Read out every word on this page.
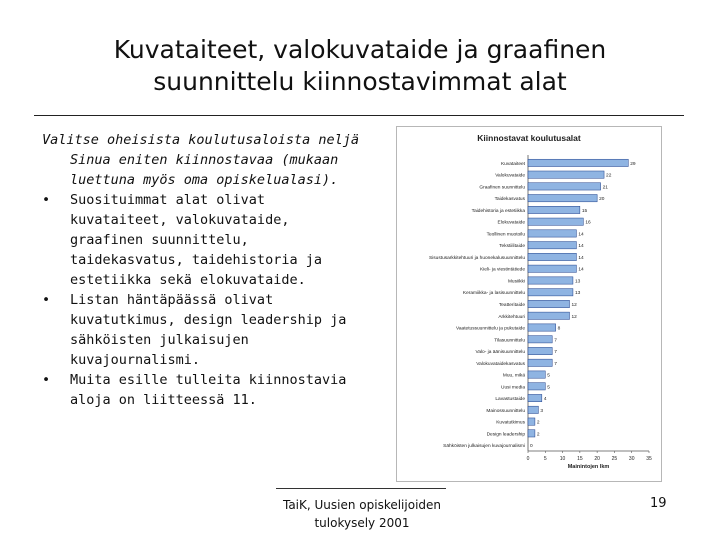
Kuvataiteet, valokuvataide ja graafinen
suunnittelu kiinnostavimmat alat
Valitse oheisista koulutusaloista neljä Sinua eniten kiinnostavaa (mukaan luettuna myös oma opiskelualasi).
• Suosituimmat alat olivat kuvataiteet, valokuvataide, graafinen suunnittelu, taidekasvatus, taidehistoria ja estetiikka sekä elokuvataide.
• Listan häntäpäässä olivat kuvatutkimus, design leadership ja sähköisten julkaisujen kuvajournalismi.
• Muita esille tulleita kiinnostavia aloja on liitteessä 11.
Kiinnostavat koulutusalat
Kuvataiteet	29
Valokuvataide	22
Graafinen suunnittelu	21
Taidekasvatus	20
Taidehistoria ja estetiikka	15
Elokuvataide	16
Teollinen muotoilu	14
Tekstiilitaide	14
Sisustusarkkitehtuuri ja huonekalusuunnittelu	14
Kieli- ja viestintätiede	14
Musiikki	13
Keramiikka- ja lasisuunnittelu	13
Teatteritaide	12
Arkkitehtuuri	12
Vaatetussuunnittelu ja pukutaide	8
Tilasuunnittelu	7
Valo- ja äänisuunnittelu	7
Valokuvataidekasvatus	7
Muu, mikä	5
Uusi media	5
Lavastustaide	4
Mainossuunnittelu	3
Kuvatutkimus 2
Design leadership 2
Sähköisten julkaisujen kuvajournalismi 0
0	5	10 15 20 25 30 35
Mainintojen lkm
TaiK, Uusien opiskelijoiden
tulokysely 2001
19
